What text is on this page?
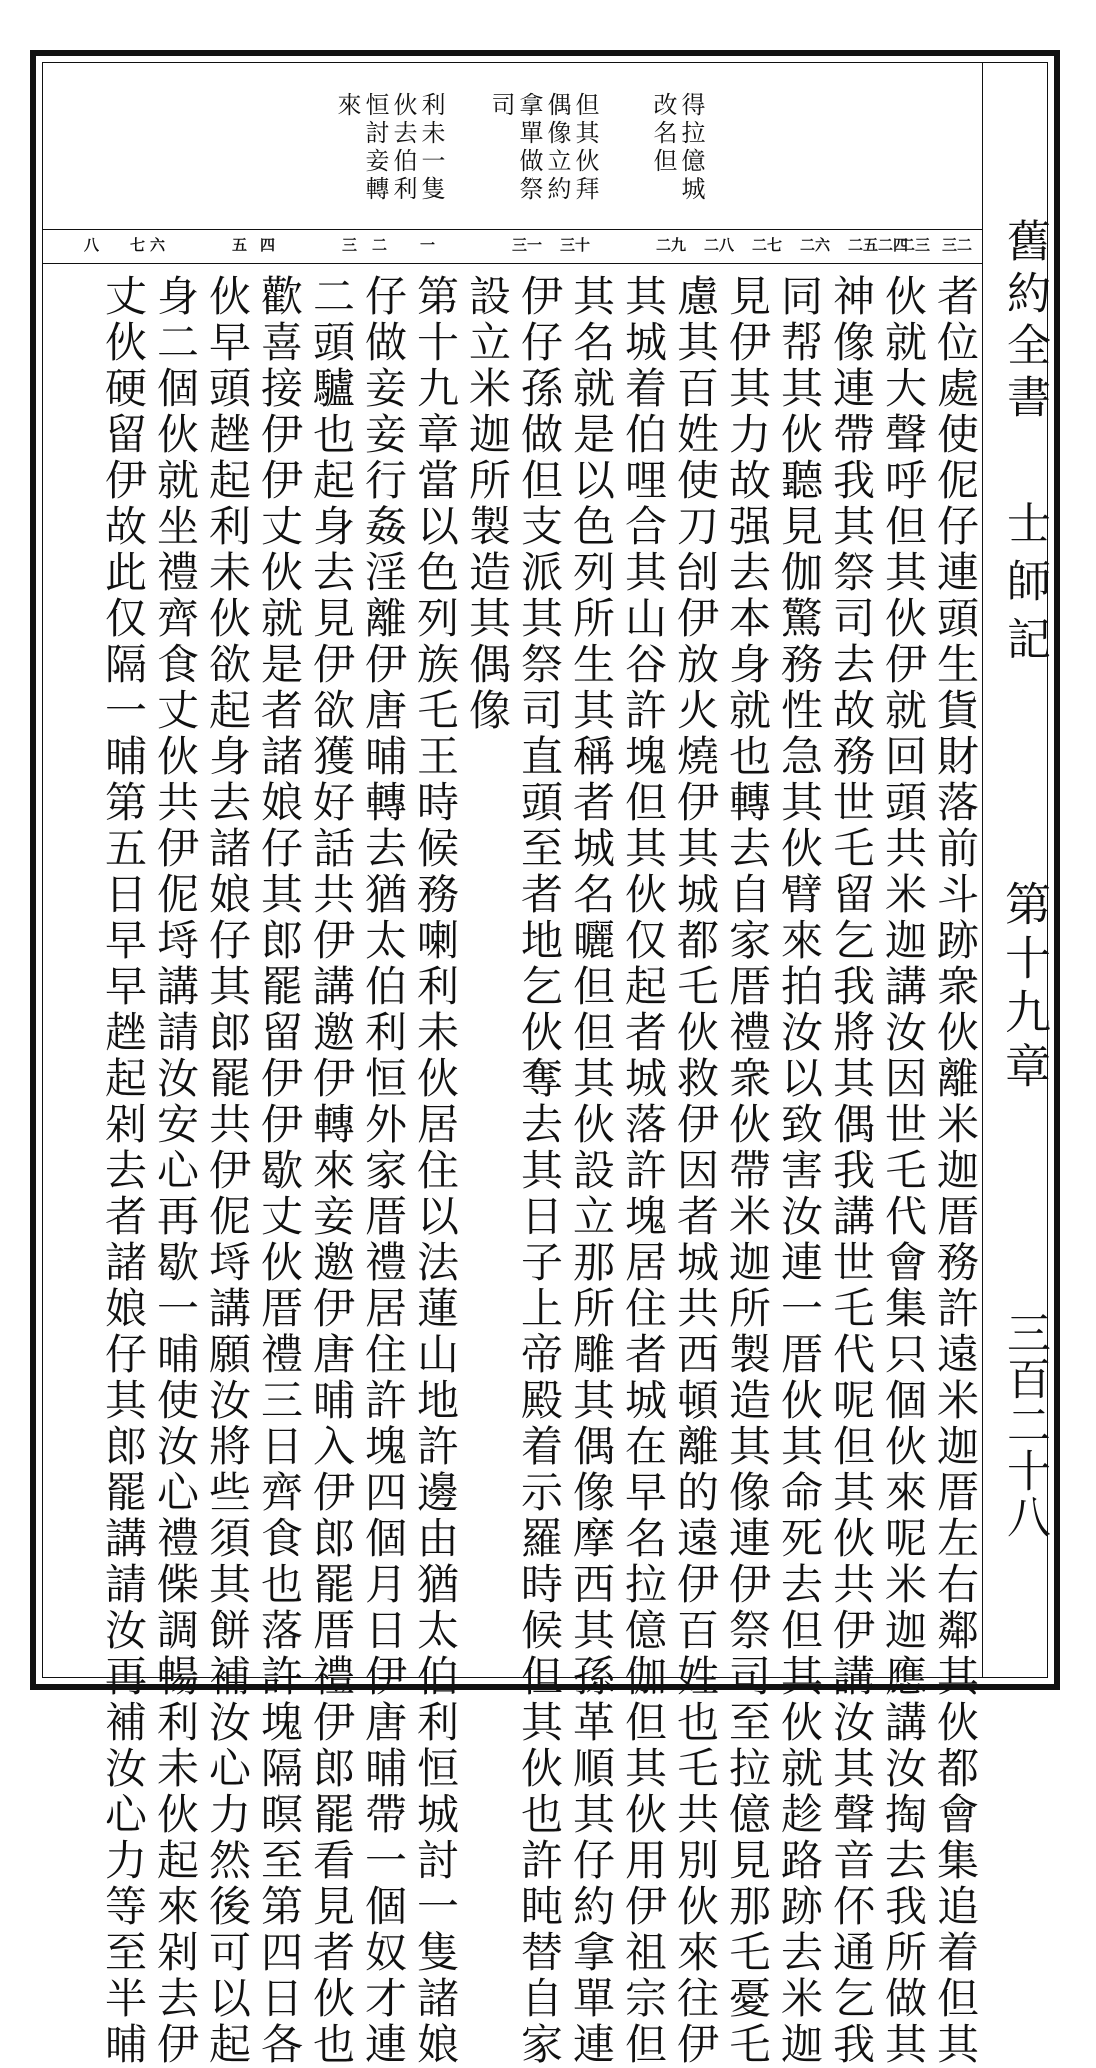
舊約全書
士師記
第十九章
三百二十八
得拉億城
改名但
但其伙拜
偶像立約
拿單做祭
司
利未一隻
伙去伯利
恒討妾轉
來
三二
二三
二四
二五
二六
二七
二八
二九
三十
三一
一
二
三
四
五
六
七
八
者位處使伲仔連頭生貨財落前斗跡衆伙離米迦厝務許遠米迦厝左右鄰其伙都會集追着但其
伙就大聲呼但其伙伊就回頭共米迦講汝因世乇代會集只個伙來呢米迦應講汝掏去我所做其
神像連帶我其祭司去故務世乇留乞我將其偶我講世乇代呢但其伙共伊講汝其聲音伓通乞我
同帮其伙聽見伽驚務性急其伙臂來拍汝以致害汝連一厝伙其命死去但其伙就趁路跡去米迦
見伊其力故强去本身就也轉去自家厝禮衆伙帶米迦所製造其像連伊祭司至拉億見那乇憂乇
慮其百姓使刀刣伊放火燒伊其城都乇伙救伊因者城共西頓離的遠伊百姓也乇共別伙來往伊
其城着伯哩合其山谷許塊但其伙仅起者城落許塊居住者城在早名拉億伽但其伙用伊祖宗但
其名就是以色列所生其稱者城名曬但但其伙設立那所雕其偶像摩西其孫革順其仔約拿單連
伊仔孫做但支派其祭司直頭至者地乞伙奪去其日子上帝殿着示羅時候但其伙也許盹替自家
設立米迦所製造其偶像
第十九章當以色列族乇王時候務喇利未伙居住以法蓮山地許邊由猶太伯利恒城討一隻諸娘
仔做妾妾行姦淫離伊唐晡轉去猶太伯利恒外家厝禮居住許塊四個月日伊唐晡帶一個奴才連
二頭驢也起身去見伊欲獲好話共伊講邀伊轉來妾邀伊唐晡入伊郎罷厝禮伊郎罷看見者伙也
歡喜接伊伊丈伙就是者諸娘仔其郎罷留伊伊歇丈伙厝禮三日齊食也落許塊隔暝至第四日各
伙早頭趖起利未伙欲起身去諸娘仔其郎罷共伊伲埓講願汝將些須其餅補汝心力然後可以起
身二個伙就坐禮齊食丈伙共伊伲埓講請汝安心再歇一晡使汝心禮偨調暢利未伙起來剁去伊
丈伙硬留伊故此仅隔一晡第五日早早趖起剁去者諸娘仔其郎罷講請汝再補汝心力等至半晡
